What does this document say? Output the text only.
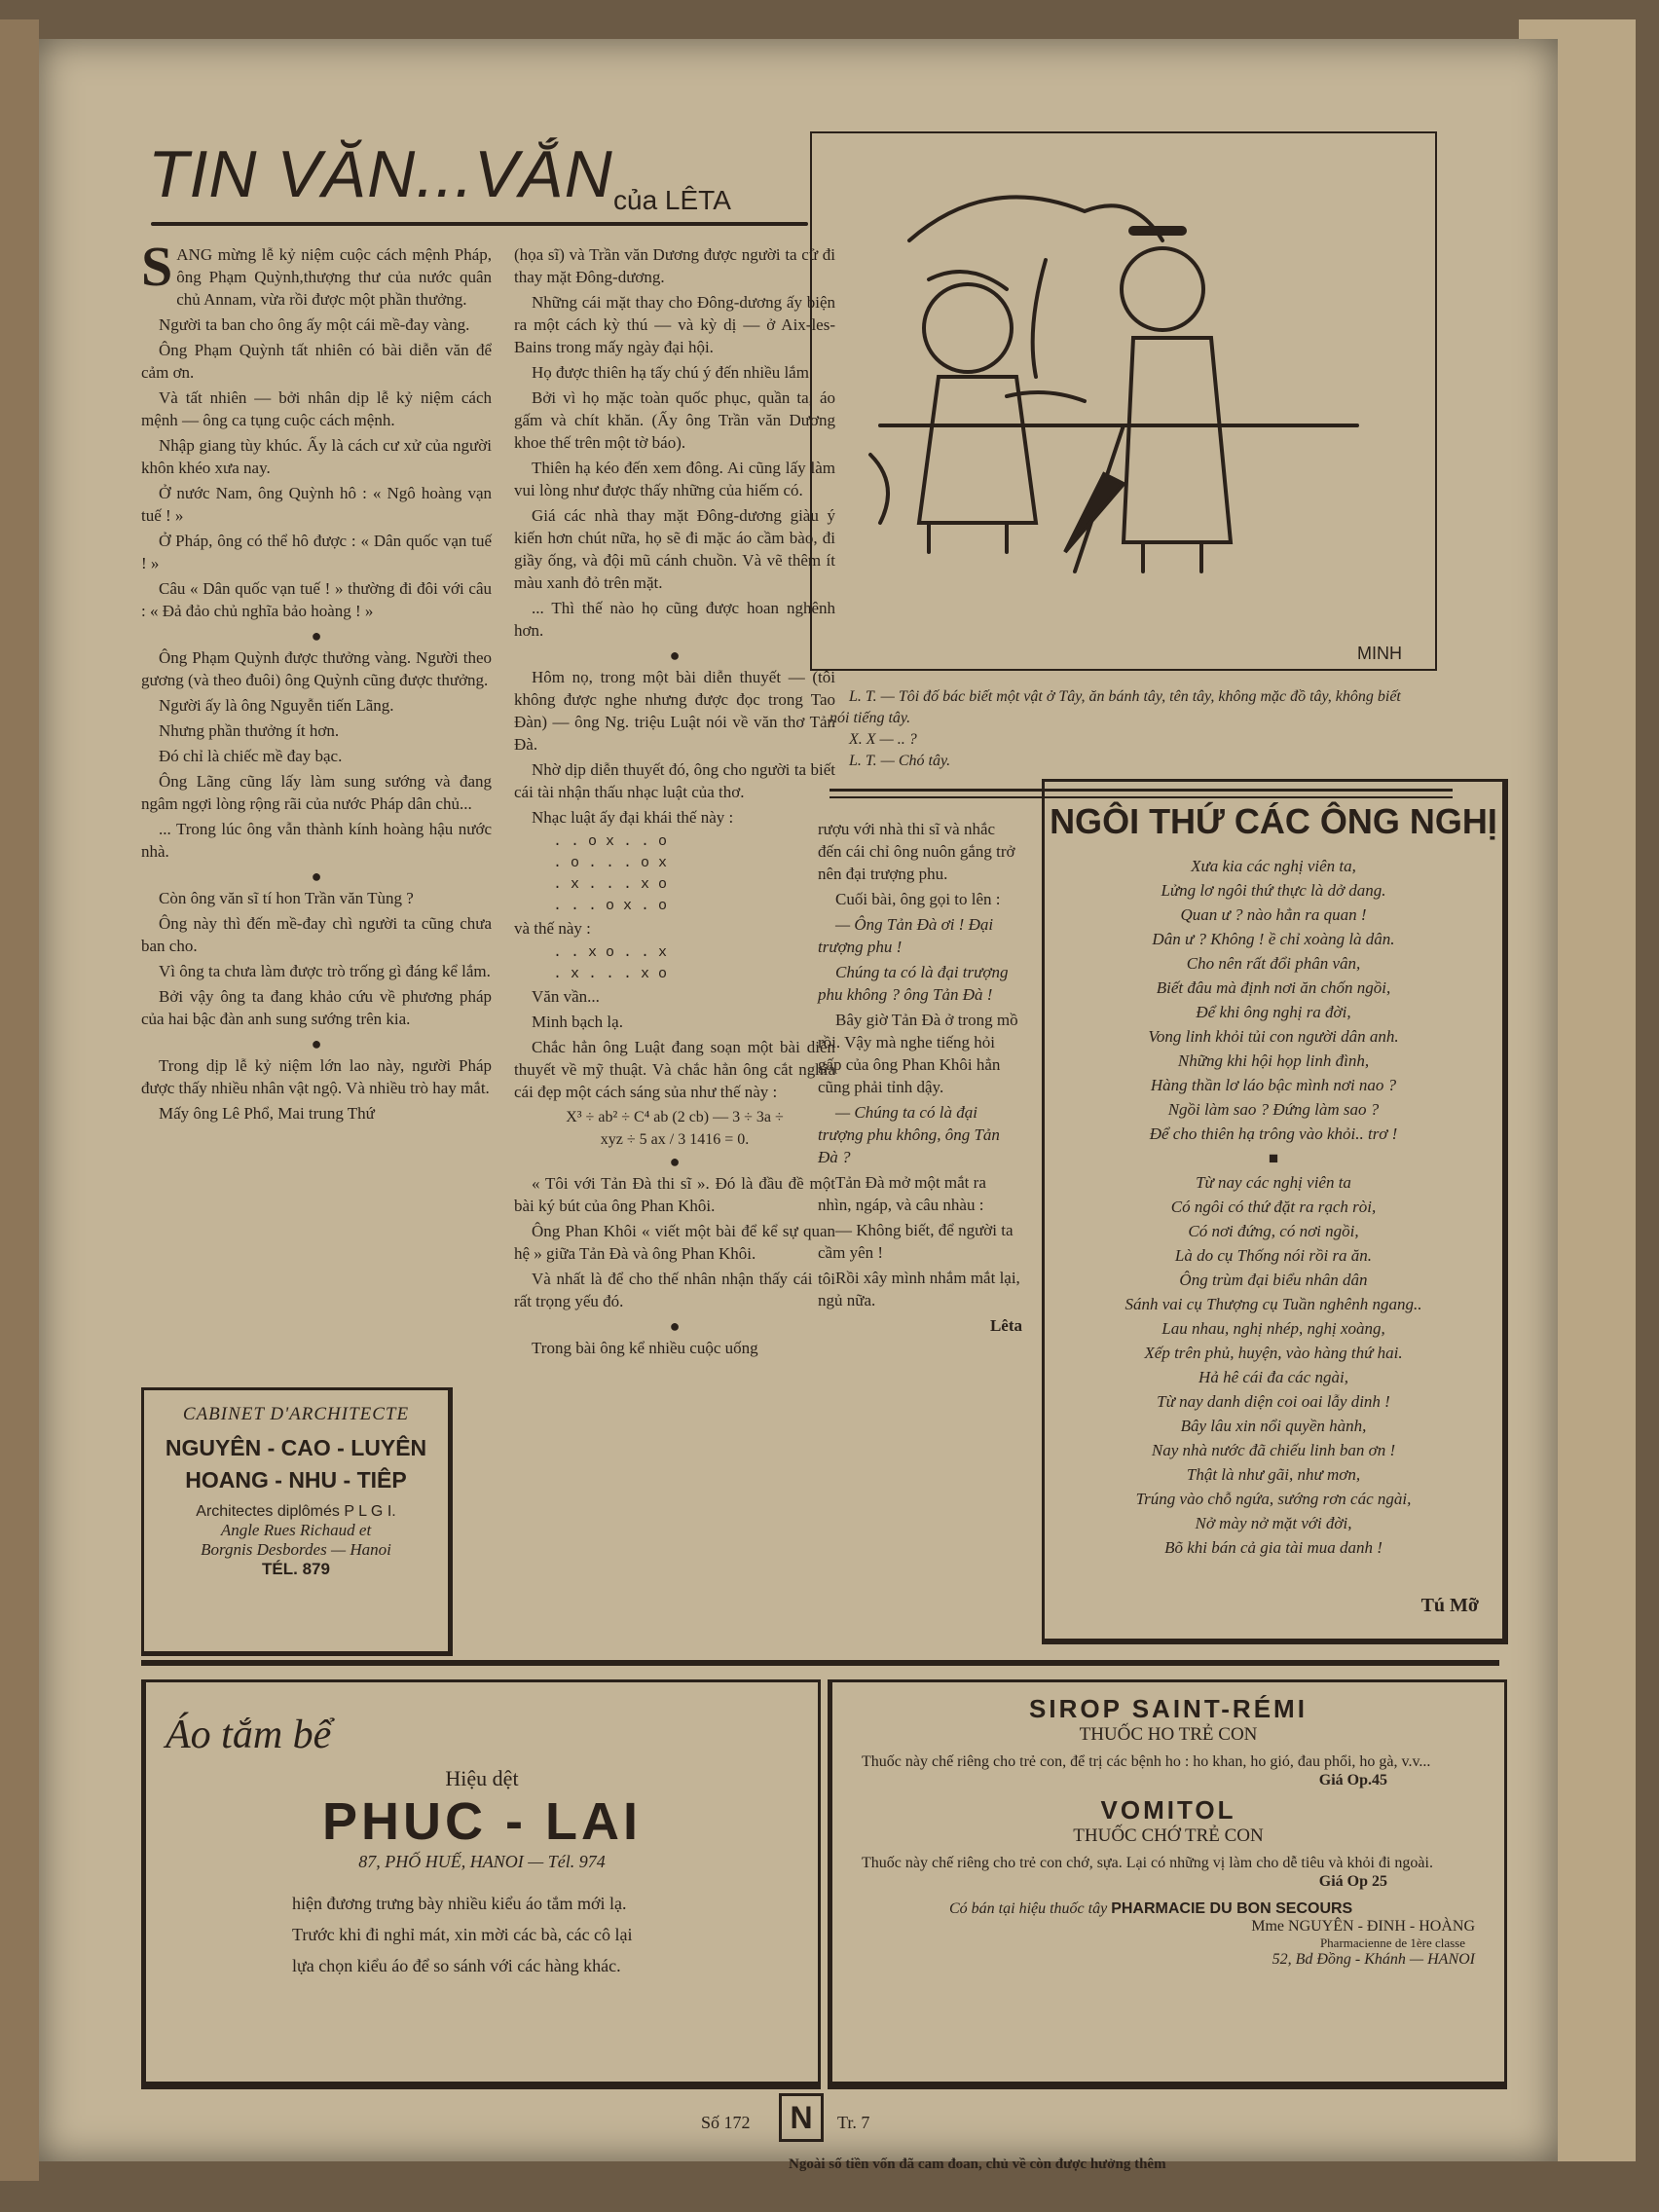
TIN VĂN...VẮN của LÊTA

SANG mừng lễ kỷ niệm cuộc cách mệnh Pháp, ông Phạm Quỳnh,thượng thư của nước quân chủ Annam, vừa rồi được một phần thưởng.

Người ta ban cho ông ấy một cái mề-đay vàng.

Ông Phạm Quỳnh tất nhiên có bài diễn văn để cảm ơn.

Và tất nhiên — bởi nhân dịp lễ kỷ niệm cách mệnh — ông ca tụng cuộc cách mệnh.

Nhập giang tùy khúc. Ấy là cách cư xử của người khôn khéo xưa nay.

Ở nước Nam, ông Quỳnh hô : « Ngô hoàng vạn tuế ! »

Ở Pháp, ông có thể hô được : « Dân quốc vạn tuế ! »

Câu « Dân quốc vạn tuế ! » thường đi đôi với câu : « Đả đảo chủ nghĩa bảo hoàng ! »

●

Ông Phạm Quỳnh được thưởng vàng. Người theo gương (và theo đuôi) ông Quỳnh cũng được thưởng.

Người ấy là ông Nguyễn tiến Lãng.

Nhưng phần thưởng ít hơn.

Đó chỉ là chiếc mề đay bạc.

Ông Lãng cũng lấy làm sung sướng và đang ngâm ngợi lòng rộng rãi của nước Pháp dân chủ...

... Trong lúc ông vẫn thành kính hoàng hậu nước nhà.

●

Còn ông văn sĩ tí hon Trần văn Tùng ?

Ông này thì đến mề-đay chì người ta cũng chưa ban cho.

Vì ông ta chưa làm được trò trống gì đáng kể lắm.

Bởi vậy ông ta đang khảo cứu về phương pháp của hai bậc đàn anh sung sướng trên kia.

●

Trong dịp lễ kỷ niệm lớn lao này, người Pháp được thấy nhiều nhân vật ngộ. Và nhiều trò hay mắt.

Mấy ông Lê Phổ, Mai trung Thứ

(họa sĩ) và Trần văn Dương được người ta cử đi thay mặt Đông-dương.

Những cái mặt thay cho Đông-dương ấy biện ra một cách kỳ thú — và kỳ dị — ở Aix-les-Bains trong mấy ngày đại hội.

Họ được thiên hạ tấy chú ý đến nhiều lắm.

Bởi vì họ mặc toàn quốc phục, quần ta, áo gấm và chít khăn. (Ấy ông Trần văn Dương khoe thế trên một tờ báo).

Thiên hạ kéo đến xem đông. Ai cũng lấy làm vui lòng như được thấy những của hiếm có.

Giá các nhà thay mặt Đông-dương giàu ý kiến hơn chút nữa, họ sẽ đi mặc áo cầm bào, đi giầy ống, và đội mũ cánh chuồn. Và vẽ thêm ít màu xanh đỏ trên mặt.

... Thì thế nào họ cũng được hoan nghênh hơn.

●

Hôm nọ, trong một bài diễn thuyết — (tôi không được nghe nhưng được đọc trong Tao Đàn) — ông Ng. triệu Luật nói về văn thơ Tản Đà.

Nhờ dịp diễn thuyết đó, ông cho người ta biết cái tài nhận thấu nhạc luật của thơ.

Nhạc luật ấy đại khái thế này :

. . o x . . o
. o . . . o x
. x . . . x o
. . . o x . o

và thế này :

. . x o . . x
. x . . . x o

Văn vần...

Minh bạch lạ.

Chắc hẳn ông Luật đang soạn một bài diễn thuyết về mỹ thuật. Và chắc hẳn ông cắt nghĩa cái đẹp một cách sáng sủa như thế này :

X³ ÷ ab² ÷ C⁴ ab (2 cb) — 3 ÷ 3a ÷
xyz ÷ 5 ax / 3 1416 = 0.
●

« Tôi với Tản Đà thi sĩ ». Đó là đầu đề một bài ký bút của ông Phan Khôi.

Ông Phan Khôi « viết một bài để kể sự quan hệ » giữa Tản Đà và ông Phan Khôi.

Và nhất là để cho thế nhân nhận thấy cái tôi rất trọng yếu đó.

●

Trong bài ông kể nhiều cuộc uống

MINH
L. T. — Tôi đố bác biết một vật ở Tây, ăn bánh tây, tên tây, không mặc đồ tây, không biết nói tiếng tây.
X. X — .. ?
L. T. — Chó tây.

rượu với nhà thi sĩ và nhắc đến cái chỉ ông nuôn gắng trở nên đại trượng phu.

Cuối bài, ông gọi to lên :

— Ông Tản Đà ơi ! Đại trượng phu !

Chúng ta có là đại trượng phu không ? ông Tản Đà !

Bây giờ Tản Đà ở trong mồ rồi. Vậy mà nghe tiếng hỏi gấp của ông Phan Khôi hẳn cũng phải tỉnh dậy.

— Chúng ta có là đại trượng phu không, ông Tản Đà ?

Tản Đà mở một mắt ra nhìn, ngáp, và câu nhàu :

— Không biết, để người ta cầm yên !

Rồi xây mình nhắm mắt lại, ngủ nữa.

Lêta
NGÔI THỨ CÁC ÔNG NGHỊ
Xưa kia các nghị viên ta,
Lửng lơ ngôi thứ thực là dở dang.
Quan ư ? nào hẳn ra quan !
Dân ư ? Không ! ề chỉ xoàng là dân.
Cho nên rất đổi phân vân,
Biết đâu mà định nơi ăn chốn ngồi,
Để khi ông nghị ra đời,
Vong linh khỏi tủi con người dân anh.
Những khi hội họp linh đình,
Hàng thần lơ láo bậc mình nơi nao ?
Ngồi làm sao ? Đứng làm sao ?
Để cho thiên hạ trông vào khỏi.. trơ !
■
Từ nay các nghị viên ta
Có ngôi có thứ đặt ra rạch ròi,
Có nơi đứng, có nơi ngồi,
Là do cụ Thống nói rồi ra ăn.
Ông trùm đại biểu nhân dân
Sánh vai cụ Thượng cụ Tuần nghênh ngang..
Lau nhau, nghị nhép, nghị xoàng,
Xếp trên phủ, huyện, vào hàng thứ hai.
Hả hê cái đa các ngài,
Từ nay danh diện coi oai lẫy dinh !
Bây lâu xin nổi quyền hành,
Nay nhà nước đã chiếu linh ban ơn !
Thật là như gãi, như mơn,
Trúng vào chỗ ngứa, sướng rơn các ngài,
Nở mày nở mặt với đời,
Bõ khi bán cả gia tài mua danh !
Tú Mỡ
CABINET D'ARCHITECTE
NGUYÊN - CAO - LUYÊN
HOANG - NHU - TIÊP
Architectes diplômés P L G I.
Angle Rues Richaud et
Borgnis Desbordes — Hanoi
TÉL. 879
Áo tắm bể
Hiệu dệt
PHUC - LAI
87, PHỐ HUẾ, HANOI — Tél. 974
hiện đương trưng bày nhiều kiểu áo tắm mới lạ.
Trước khi đi nghỉ mát, xin mời các bà, các cô lại
lựa chọn kiểu áo để so sánh với các hàng khác.
SIROP SAINT-RÉMI
THUỐC HO TRẺ CON
Thuốc này chế riêng cho trẻ con, để trị các bệnh ho : ho khan, ho gió, đau phổi, ho gà, v.v...
Giá Op.45
VOMITOL
THUỐC CHỚ TRẺ CON
Thuốc này chế riêng cho trẻ con chớ, sựa. Lại có những vị làm cho dễ tiêu và khỏi đi ngoài.
Giá Op 25
Có bán tại hiệu thuốc tây PHARMACIE DU BON SECOURS
Mme NGUYÊN - ĐINH - HOÀNG
Pharmacienne de 1ère classe
52, Bd Đồng - Khánh — HANOI
Số 172	N	Tr. 7
Ngoài số tiền vốn đã cam đoan, chủ về còn được hưởng thêm
